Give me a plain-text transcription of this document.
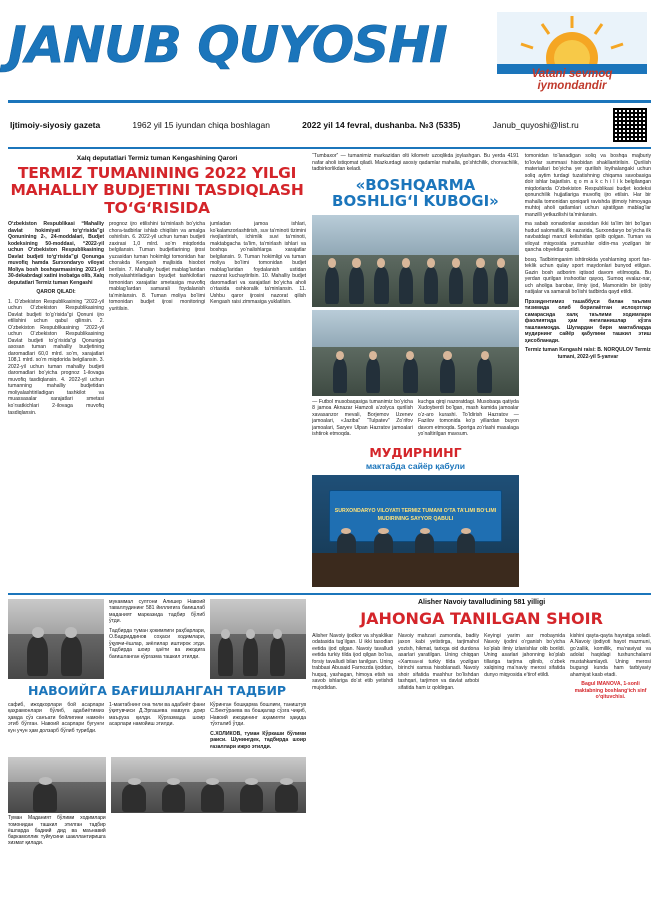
JANUB QUYOSHI	Vatani sevmoq iymondandir
Ijtimoiy-siyosiy gazeta	1962 yil 15 iyundan chiqa boshlagan	2022 yil 14 fevral, dushanba. №3 (5335)	Janub_quyoshi@list.ru
Xalq deputatlari Termiz tuman Kengashining Qarori
TERMIZ TUMANINING 2022 YILGI MAHALLIY BUDJETINI TASDIQLASH TO‘G‘RISIDA

O‘zbekiston Respublikasi “Mahalliy davlat hokimiyati to‘g‘risida”gi Qonunining 2-, 24-moddalari, Budjet kodeksining 50-moddasi, “2022-yil uchun O‘zbekiston Respublikasining Davlat budjeti to‘g‘risida”gi Qonunga muvofiq hamda Surxondaryo viloyat Moliya bosh boshqarmasining 2021-yil 30-dekabrdagi xatini inobatga olib, Xalq deputatlari Termiz tuman Kengashi

QAROR QILADI:

1. O‘zbekiston Respublikasining “2022-yil uchun O‘zbekiston Respublikasining Davlat budjeti to‘g‘risida”gi Qonuni ijro etilishini uchun qabul qilinsin. 2. O‘zbekiston Respublikasining “2022-yil uchun O‘zbekiston Respublikasining Davlat budjeti to‘g‘risida”gi Qonuniga asosan tuman mahalliy budjetining daromadlari 60,0 mlrd. so‘m, xarajatlari 108,1 mlrd. so‘m miqdorida belgilansin. 3. 2022-yil uchun tuman mahalliy budjeti daromadlari bo‘yicha prognoz 1-ilovaga muvofiq tasdiqlansin. 4. 2022-yil uchun tumanning mahalliy budjetidan moliyalashtiriladigan tashkilot va muassasalar xarajatlari smetasi ko‘rsatkichlari 2-ilovaga muvofiq tasdiqlansin.

prognoz ijro etilishini ta’minlash bo‘yicha chora-tadbirlar ishlab chiqilsin va amalga oshirilsin. 6. 2022-yil uchun tuman budjeti zaxirasi 1,0 mlrd. so‘m miqdorida belgilansin. Tuman budjetlarining ijrosi yuzasidan tuman hokimligi tomonidan har chorakda Kengash majlisida hisobot berilsin. 7. Mahalliy budjet mablag‘laridan moliyalashtiriladigan byudjet tashkilotlari tomonidan xarajatlar smetasiga muvofiq mablag‘lardan samarali foydalanish ta’minlansin. 8. Tuman moliya bo‘limi tomonidan budjet ijrosi monitoringi yuritilsin.

jumladan jamoa ishlari, ko‘kalamzorlashtirish, suv ta’minoti tizimini rivojlantirish, ichimlik suvi ta’minoti, maktabgacha ta’lim, ta’mirlash ishlari va boshqa yo‘nalishlarga xarajatlar belgilansin. 9. Tuman hokimligi va tuman moliya bo‘limi tomonidan budjet mablag‘laridan foydalanish ustidan nazorat kuchaytirilsin. 10. Mahalliy budjet daromadlari va xarajatlari bo‘yicha aholi o‘rtasida oshkoralik ta’minlansin. 11. Ushbu qaror ijrosini nazorat qilish Kengash raisi zimmasiga yuklatilsin.

“Tumbaxor” — tumanimiz markazidan olti kilometr uzoqlikda joylashgan. Bu yerda 4191 nafar aholi istiqomat qiladi. Mazkurdagi asosiy qadamlar mahalla, go‘shtchilik, chorvachilik, tadbirkorlikdan keladi.

«BOSHQARMA BOSHLIG‘I KUBOGI»

— Futbol musobaqasiga tumanimiz bo‘yicha 8 jamoa Aknazar Hamzoli a’zolyca qurilish xavasanzor mevali, Borjemov Uzenev jamoalari, «Jaziba” “Tulpatev” Zo‘rifov jamoalari, Saryev Ulpan Hazratov jamoalari ishtirok etmoqda.

kuchga qirqi nazoratdagi. Musobaqa qatiyda Xudoyberdi bo‘lgan, mash kamida jamoalar o‘z-aro kurashi. To‘ldirish Hazratov — Fazilov tomonida ko‘p yillardan buyon davom etmoqda. Sportga zo‘rlashi masalaga yo‘naltirilgan mavsum.

МУДИРНИНГ
мактабда сайёр қабули
SURXONDARYO VILOYATI TERMIZ TUMANI O‘TA TA’LIMI BO‘LIMI MUDIRINING SAYYOR QABULI

tomonidan to‘lanadigan soliq va boshqa majburiy to‘lovlar summasi hisobidan shakllantirilsin. Qurilish materiallari bo‘yicha yer qurilish loyihalangaki uchun soliq aytim turdagi tuzatishning chiqama savobasiga doir ishlar bajarilsin. q o m a k c h i l i k belgilangan miqdorlarda O‘zbekiston Respublikasi budjet kodeksi qonunchilik hujjatlariga muvofiq ijro etilsin. Har bir mahalla tomonidan qoniqarli ravishda ijtimoiy himoyaga muhtoj aholi qatlamlari uchun ajratilgan mablag‘lar manzilli yetkazilishi ta’minlansin.

ma sabab xonadonlar asosidan ikki ta’lim biri bo‘lgan hudud salomatlik, ilk nazarida, Surxondaryo bo‘yicha ilk navbatdagi manzil kelishidan qolib qolgan. Tuman va viloyat miqyosida yumushlar oldin-ma yozilgan bir qancha obyektlar qurildi.

bosq. Tadbirimganim ishtirokida yoshlarning sport fan-teklik uchun qulay sport maydonlari bunyod etilgan. Gazin bosh adborim iqtisod davom etilmoqda. Bu yerdan qurilgan inshootlar qayoq. Sumoq evalaz-nar, uch aholiga barobar, ilmiy ijod, Mamonidin bir ijobiy natijalar va samarali bo‘lishi tadbirda qayd etildi.

Прэзидентимиз ташаббуси билан таълим тизимида олиб борилаётган ислоҳотлар самарасида халқ таълими ходимлари фаолиятида ҳам янгиланишлар кўзга ташланмоқда. Шулардан бири мактабларда мудирнинг сайёр қабулини ташкил этиш ҳисобланади.

Termiz tuman Kengashi raisi: B. NORQULOV Termiz tumani, 2022-yil 5-yanvar

мукаммал султони Алишер Навоий таваллудининг 581 йиллигига бағишлаб маданият марказида тадбир бўлиб ўтди.

Тадбирда туман ҳокимлиги раҳбарлари, О.Бадриддинов соҳаси ходимлари, ўқувчи-ёшлар, зиёлилар иштирок этди. Тадбирда шоир ҳаёти ва ижодига бағишланган кўргазма ташкил этилди.

НАВОИЙГА БАҒИШЛАНГАН ТАДБИР

сафиб, ижодкорлари бой асарлари қаҳрамонлари бўлиб, адабиётимиз ҳамда сўз санъати бойлигини намоён этиб бўлган. Навоий асарлари бугунги кун учун ҳам долзарб бўлиб турибди.

1-мактабнинг она тили ва адабиёт фани ўқитувчиси Д.Эргашева мавзуга доир маъруза қилди. Кўргазмада шоир асарлари намойиш этилди.

Кўринган бошқарма бошлиғи, таништув С.Бектўраева ва бошқалар сўзга чиқиб, Навоий ижодининг аҳамияти ҳақида тўхталиб ўтди.

С.ХОЛИКОВ, туман Кўркаши бўлими раиси. Шунингдек, тадбирда шоир ғазаллари ижро этилди.

Туман Маданият бўлими ходимлари томонидан ташкил этилган тадбир ёшларда бадиий дид ва маънавий баркамоллик туйғусини шакллантиришга хизмат қилади.
Alisher Navoiy tavalludining 581 yilligi
JAHONGA TANILGAN SHOIR

Alisher Navoiy ijodkor va shyaklikar odatasida tug‘ilgan. U ikki tasodian eetida ijod qilgan. Navoiy tavalludi eetida turkiy tilda ijod qilgan bo‘lsa, forsiy tavalludi bilan tanilgan. Uning trabbasi Abusaid Farnozda ijoddan, huquq, yashagan, himoya etish va savob ishlariga do‘st etib yetishdi mujodidan.

Navoiy mahzari zamonda, badiiy jaxon kabi yetistirga, tarjimahol yozish, hikmat, tarixga oid durdona asarlari yaratilgan. Uning chiqqan «Xamsa»si turkiy tilda yozilgan birinchi xamsa hisoblanadi. Navoiy shoir sifatida mashhur bo‘lishdan tashqari, tarjimon va davlat arbobi sifatida ham iz qoldirgan.

Keyingi yarim asr mobaynida Navoiy ijodini o‘rganish bo‘yicha ko‘plab ilmiy izlanishlar olib borildi. Uning asarlari jahonning ko‘plab tillariga tarjima qilinib, o‘zbek xalqining ma’naviy merosi sifatida dunyo miqyosida e’tirof etildi.

kishini qayta-qayta hayratga soladi. A.Navoiy ijodiyoti hayot mazmuni, go‘zallik, komillik, ma’naviyat va adolat haqidagi tushunchalarni mustahkamlaydi. Uning merosi bugungi kunda ham tarbiyaviy ahamiyat kasb etadi.

Bagul IMANOVA, 1-sonli maktabning boshlang‘ich sinf o‘qituvchisi.
